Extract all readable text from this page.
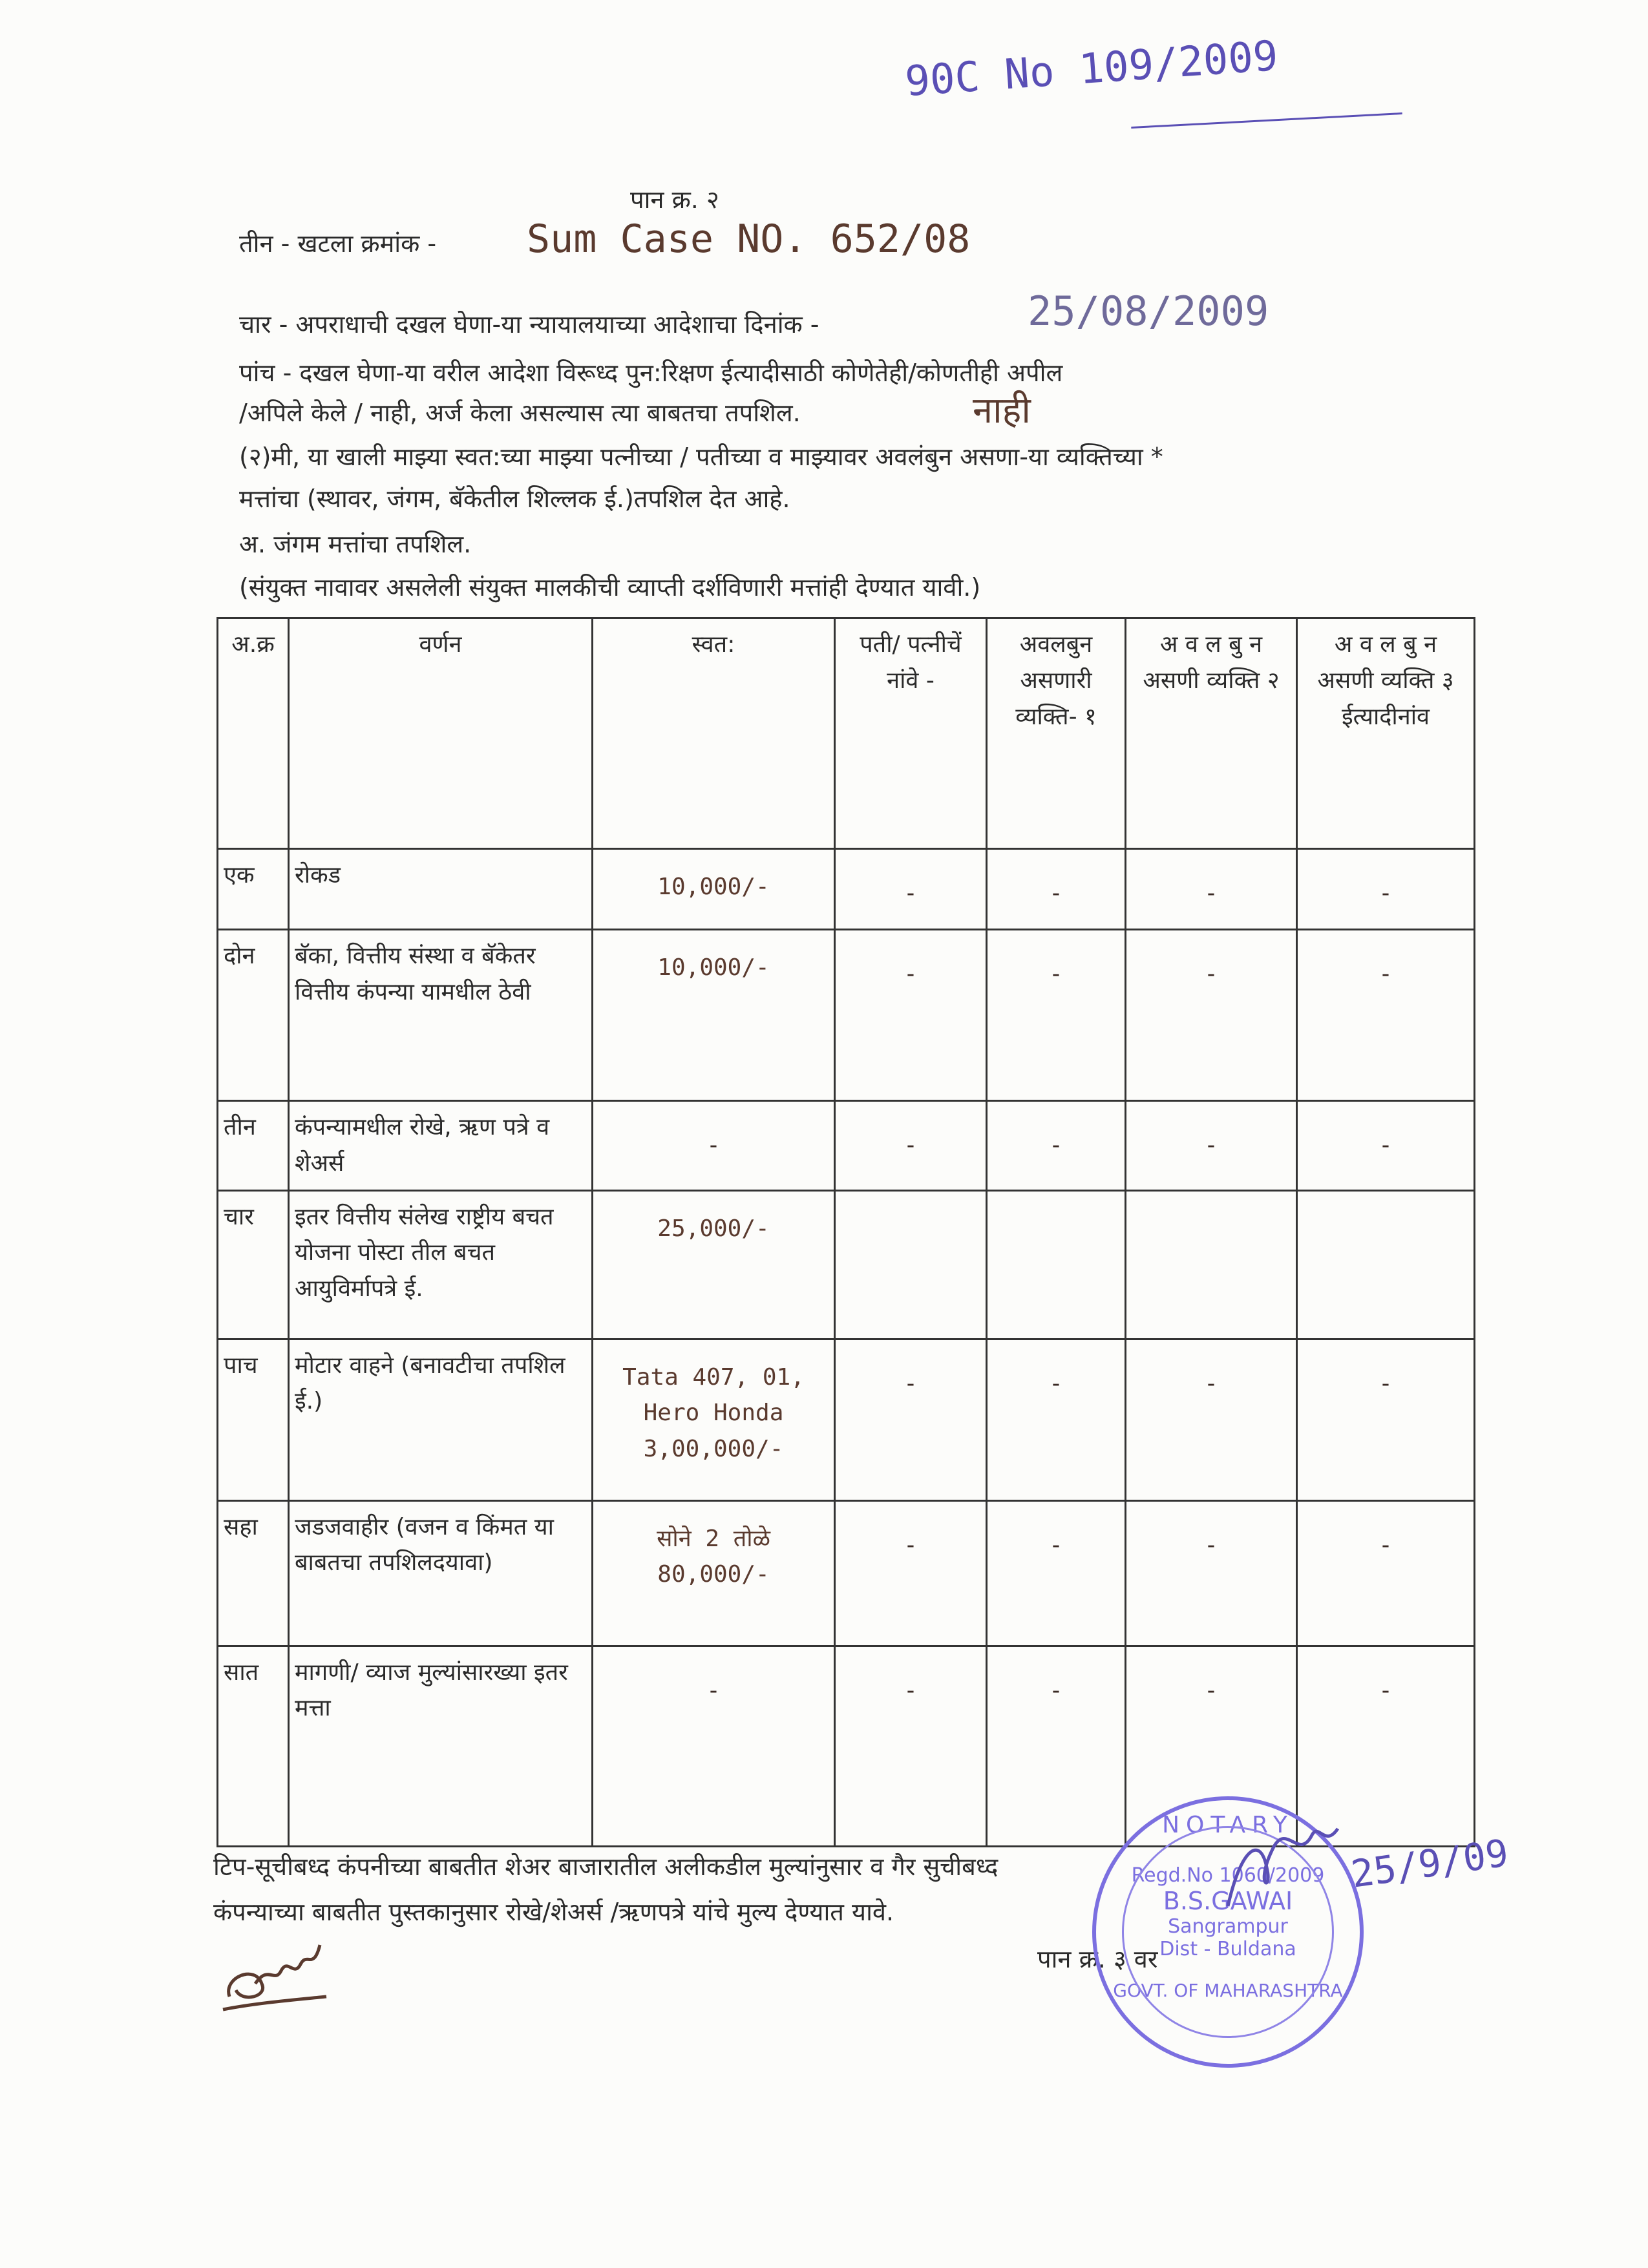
90C No 109/2009
पान क्र. २
तीन - खटला क्रमांक - Sum Case NO. 652/08
चार - अपराधाची दखल घेणा-या न्यायालयाच्या आदेशाचा दिनांक -	25/08/2009
पांच - दखल घेणा-या वरील आदेशा विरूध्द पुन:रिक्षण ईत्यादीसाठी कोणेतेही/कोणतीही अपील
/अपिले केले / नाही, अर्ज केला असल्यास त्या बाबतचा तपशिल.	नाही
(२)मी, या खाली माझ्या स्वत:च्या माझ्या पत्नीच्या / पतीच्या व माझ्यावर अवलंबुन असणा-या व्यक्तिच्या *
मत्तांचा (स्थावर, जंगम, बॅकेतील शिल्लक ई.)तपशिल देत आहे.
अ. जंगम मत्तांचा तपशिल.
(संयुक्त नावावर असलेली संयुक्त मालकीची व्याप्ती दर्शविणारी मत्तांही देण्यात यावी.)
अ.क्र	वर्णन	स्वत:	पती/ पत्नीचें नांवे -	अवलबुन असणारी व्यक्ति- १	अ व ल बु न असणी व्यक्ति २	अ व ल बु न असणी व्यक्ति ३ ईत्यादीनांव
एक	रोकड	10,000/-	-	-	-	-
दोन	बॅका, वित्तीय संस्था व बॅकेतर वित्तीय कंपन्या यामधील ठेवी	10,000/-	-	-	-	-
तीन	कंपन्यामधील रोखे, ऋण पत्रे व शेअर्स	-	-	-	-	-
चार	इतर वित्तीय संलेख राष्ट्रीय बचत योजना पोस्टा तील बचत आयुविर्मापत्रे ई.	25,000/-				
पाच	मोटार वाहने (बनावटीचा तपशिल ई.)	Tata 407, 01, Hero Honda 3,00,000/-	-	-	-	-
सहा	जडजवाहीर (वजन व किंमत या बाबतचा तपशिलदयावा)	सोने 2 तोळे 80,000/-	-	-	-	-
सात	मागणी/ व्याज मुल्यांसारख्या इतर मत्ता	-	-	-	-	-
टिप-सूचीबध्द कंपनीच्या बाबतीत शेअर बाजारातील अलीकडील मुल्यांनुसार व गैर सुचीबध्द
कंपन्याच्या बाबतीत पुस्तकानुसार रोखे/शेअर्स /ऋणपत्रे यांचे मुल्य देण्यात यावे.
पान क्र. ३ वर
NOTARY
Regd.No 1060/2009
B.S.GAWAI
Sangrampur
Dist - Buldana
GOVT. OF MAHARASHTRA
25/9/09
